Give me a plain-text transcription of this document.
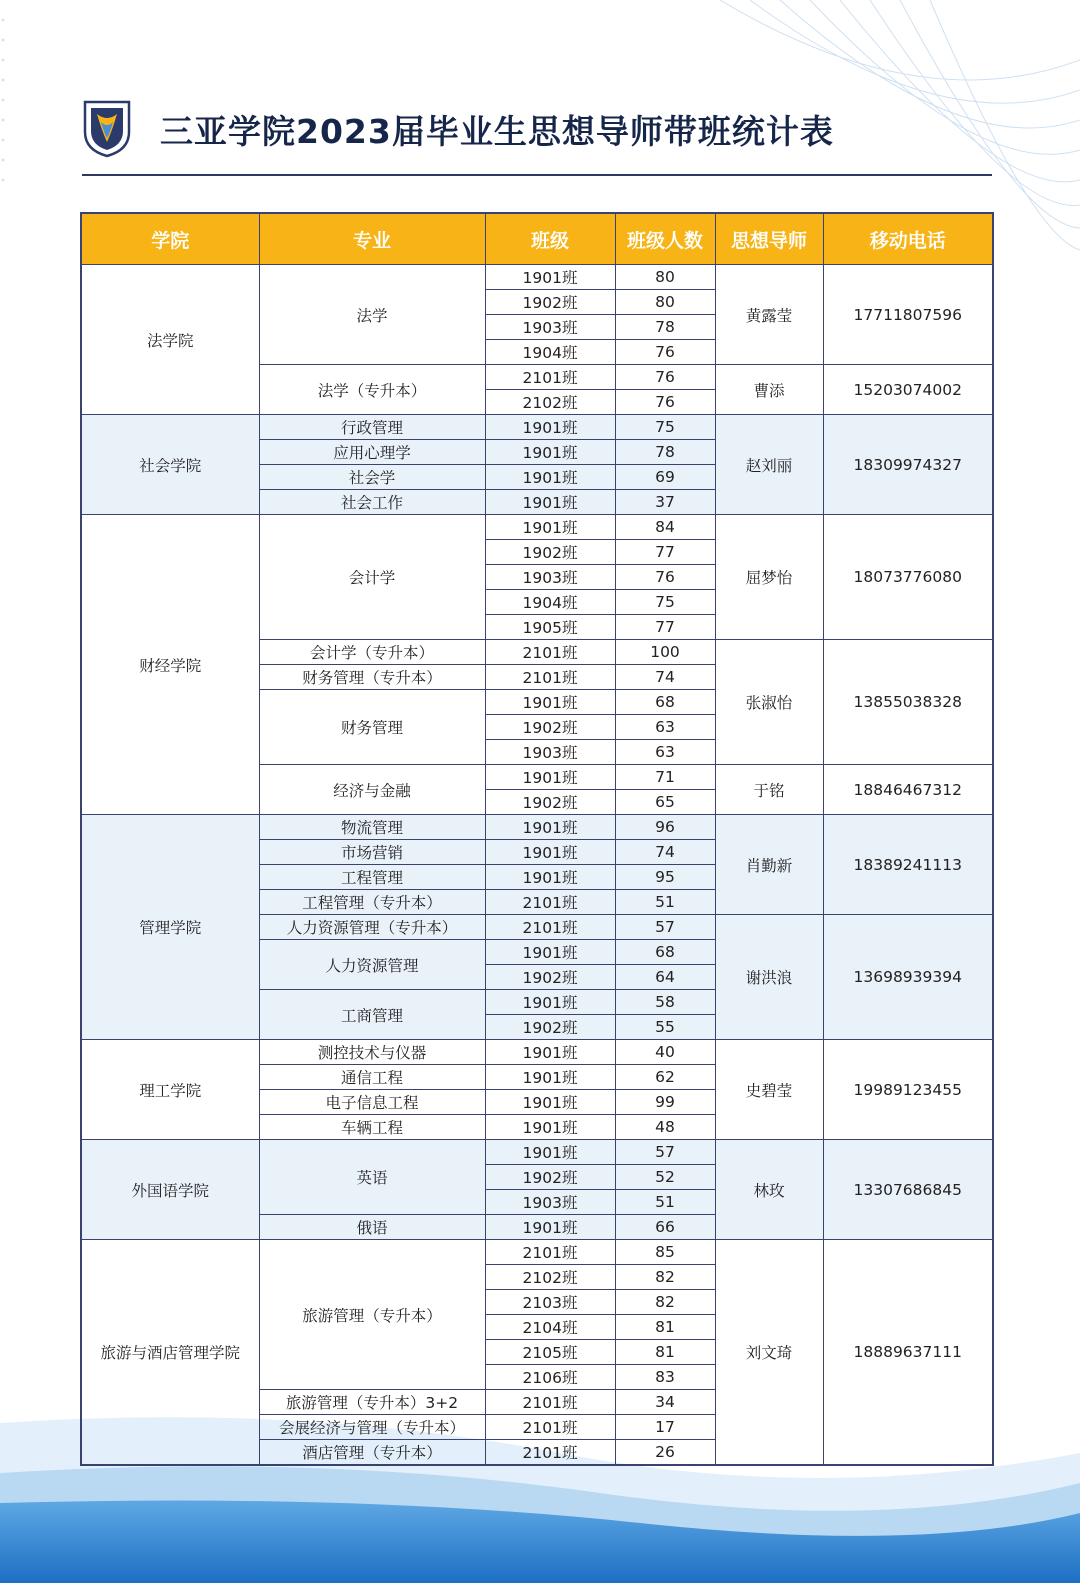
三亚学院2023届毕业生思想导师带班统计表
学院	专业	班级	班级人数	思想导师	移动电话
法学院	法学	1901班	80	黄露莹	17711807596
		1902班	80		
		1903班	78		
		1904班	76		
	法学（专升本）	2101班	76	曹添	15203074002
		2102班	76		
社会学院	行政管理	1901班	75	赵刘丽	18309974327
	应用心理学	1901班	78		
	社会学	1901班	69		
	社会工作	1901班	37		
财经学院	会计学	1901班	84	屈梦怡	18073776080
		1902班	77		
		1903班	76		
		1904班	75		
		1905班	77		
	会计学（专升本）	2101班	100	张淑怡	13855038328
	财务管理（专升本）	2101班	74		
	财务管理	1901班	68		
		1902班	63		
		1903班	63		
	经济与金融	1901班	71	于铭	18846467312
		1902班	65		
管理学院	物流管理	1901班	96	肖勤新	18389241113
	市场营销	1901班	74		
	工程管理	1901班	95		
	工程管理（专升本）	2101班	51		
	人力资源管理（专升本）	2101班	57	谢洪浪	13698939394
	人力资源管理	1901班	68		
		1902班	64		
	工商管理	1901班	58		
		1902班	55		
理工学院	测控技术与仪器	1901班	40	史碧莹	19989123455
	通信工程	1901班	62		
	电子信息工程	1901班	99		
	车辆工程	1901班	48		
外国语学院	英语	1901班	57	林玫	13307686845
		1902班	52		
		1903班	51		
	俄语	1901班	66		
旅游与酒店管理学院	旅游管理（专升本）	2101班	85	刘文琦	18889637111
		2102班	82		
		2103班	82		
		2104班	81		
		2105班	81		
		2106班	83		
	旅游管理（专升本）3+2	2101班	34		
	会展经济与管理（专升本）	2101班	17		
	酒店管理（专升本）	2101班	26		
